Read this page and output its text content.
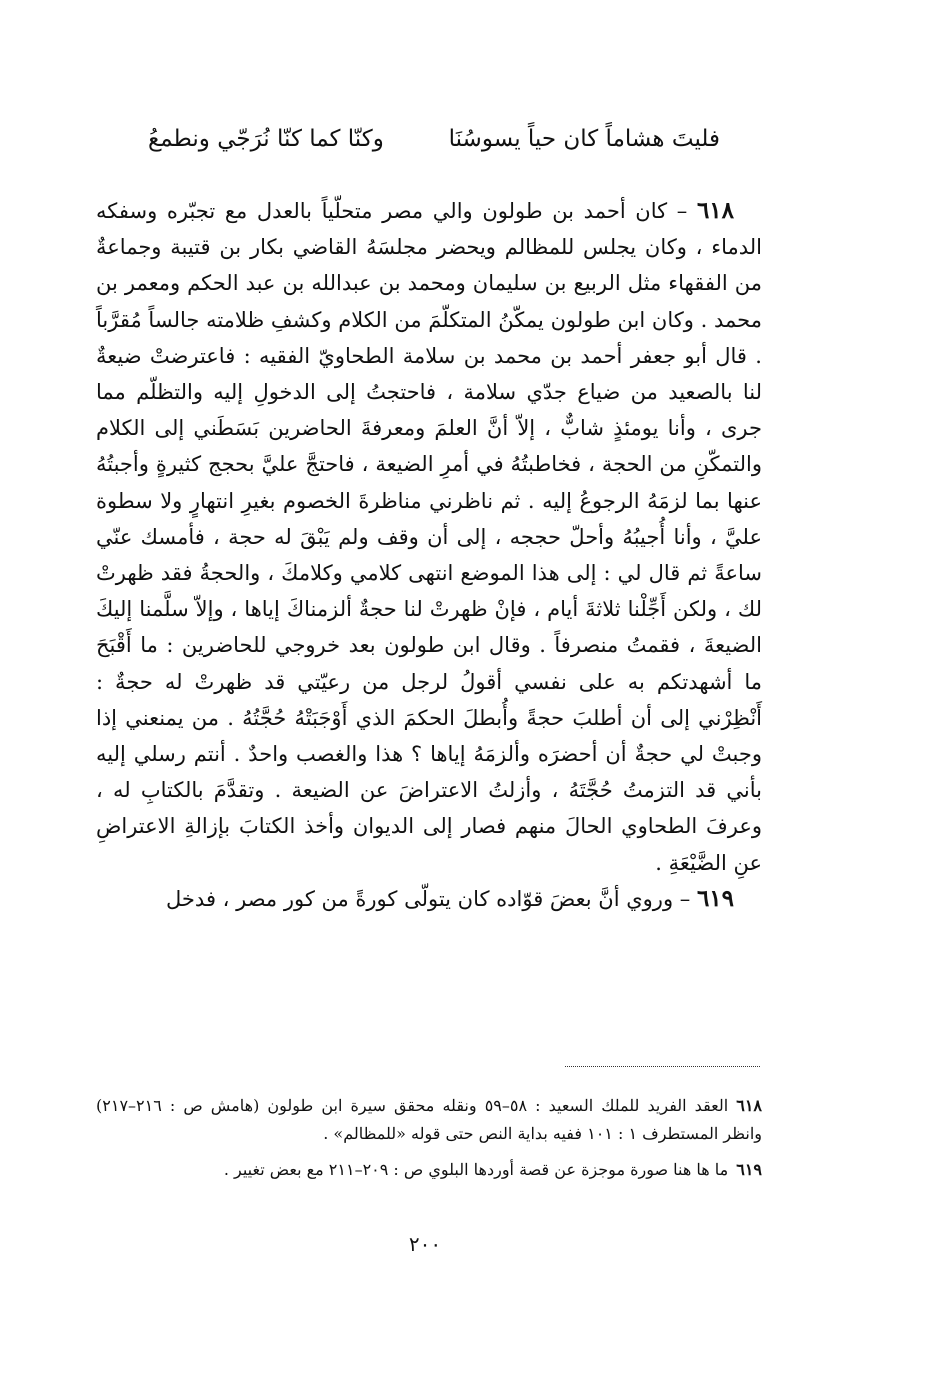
فليتَ هشاماً كان حياً يسوسُنَا
وكنّا كما كنّا نُرَجّي ونطمعُ

٦١٨ – كان أحمد بن طولون والي مصر متحلّياً بالعدل مع تجبّره وسفكه الدماء ، وكان يجلس للمظالم ويحضر مجلسَهُ القاضي بكار بن قتيبة وجماعةٌ من الفقهاء مثل الربيع بن سليمان ومحمد بن عبدالله بن عبد الحكم ومعمر بن محمد . وكان ابن طولون يمكّنُ المتكلّمَ من الكلام وكشفِ ظلامته جالساً مُقرَّباً . قال أبو جعفر أحمد بن محمد بن سلامة الطحاويّ الفقيه : فاعترضتْ ضيعةٌ لنا بالصعيد من ضياع جدّي سلامة ، فاحتجتُ إلى الدخولِ إليه والتظلّم مما جرى ، وأنا يومئذٍ شابٌّ ، إلاّ أنَّ العلمَ ومعرفةَ الحاضرين بَسَطَني إلى الكلام والتمكّنِ من الحجة ، فخاطبتُهُ في أمرِ الضيعة ، فاحتجَّ عليَّ بحجج كثيرةٍ وأجبتُهُ عنها بما لزمَهُ الرجوعُ إليه . ثم ناظرني مناظرةَ الخصوم بغيرِ انتهارٍ ولا سطوة عليَّ ، وأنا أُجيبُهُ وأحلّ حججه ، إلى أن وقف ولم يَبْقَ له حجة ، فأمسك عنّي ساعةً ثم قال لي : إلى هذا الموضع انتهى كلامي وكلامكَ ، والحجةُ فقد ظهرتْ لك ، ولكن أَجِّلْنا ثلاثةَ أيام ، فإنْ ظهرتْ لنا حجةٌ ألزمناكَ إياها ، وإلاّ سلَّمنا إليكَ الضيعةَ ، فقمتُ منصرفاً . وقال ابن طولون بعد خروجي للحاضرين : ما أَقْبَحَ ما أشهدتكم به على نفسي أقولُ لرجل من رعيّتي قد ظهرتْ له حجةٌ : أَنْظِرْني إلى أن أطلبَ حجةً وأُبطلَ الحكمَ الذي أَوْجَبَتْهُ حُجَّتُهُ . من يمنعني إذا وجبتْ لي حجةٌ أن أحضرَه وألزمَهُ إياها ؟ هذا والغصب واحدٌ . أنتم رسلي إليه بأني قد التزمتُ حُجَّتَهُ ، وأزلتُ الاعتراضَ عن الضيعة . وتقدَّمَ بالكتابِ له ، وعرفَ الطحاوي الحالَ منهم فصار إلى الديوان وأخذ الكتابَ بإزالةِ الاعتراضِ عنِ الضَّيْعَةِ .

٦١٩ – وروي أنَّ بعضَ قوّاده كان يتولّى كورةً من كور مصر ، فدخل

٦١٨العقد الفريد للملك السعيد : ٥٨–٥٩ ونقله محقق سيرة ابن طولون (هامش ص : ٢١٦–٢١٧) وانظر المستطرف ١ : ١٠١ ففيه بداية النص حتى قوله «للمظالم» .

٦١٩ما ها هنا صورة موجزة عن قصة أوردها البلوي ص : ٢٠٩–٢١١ مع بعض تغيير .

٢٠٠
